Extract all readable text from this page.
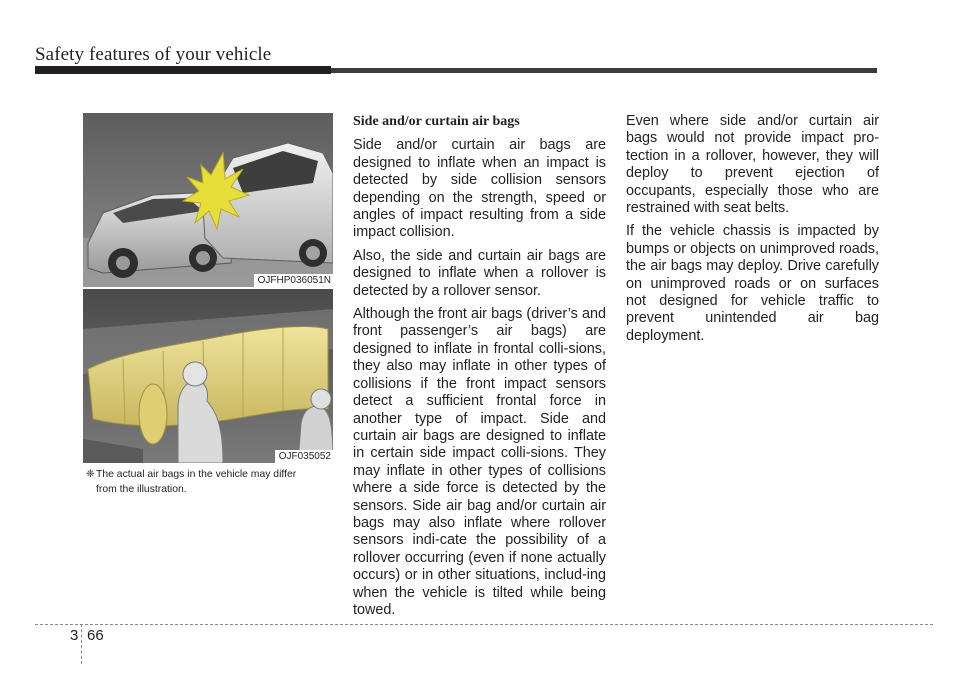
Safety features of your vehicle
OJFHP036051N
OJF035052
❈The actual air bags in the vehicle may differ
from the illustration.

Side and/or curtain air bags

Side and/or curtain air bags are designed to inflate when an impact is detected by side collision sensors depending on the strength, speed or angles of impact resulting from a side impact collision.

Also, the side and curtain air bags are designed to inflate when a rollover is detected by a rollover sensor.

Although the front air bags (driver’s and front passenger’s air bags) are designed to inflate in frontal colli-sions, they also may inflate in other types of collisions if the front impact sensors detect a sufficient frontal force in another type of impact. Side and curtain air bags are designed to inflate in certain side impact colli-sions. They may inflate in other types of collisions where a side force is detected by the sensors. Side air bag and/or curtain air bags may also inflate where rollover sensors indi-cate the possibility of a rollover occurring (even if none actually occurs) or in other situations, includ-ing when the vehicle is tilted while being towed.

Even where side and/or curtain air bags would not provide impact pro-tection in a rollover, however, they will deploy to prevent ejection of occupants, especially those who are restrained with seat belts.

If the vehicle chassis is impacted by bumps or objects on unimproved roads, the air bags may deploy. Drive carefully on unimproved roads or on surfaces not designed for vehicle traffic to prevent unintended air bag deployment.

3 66
